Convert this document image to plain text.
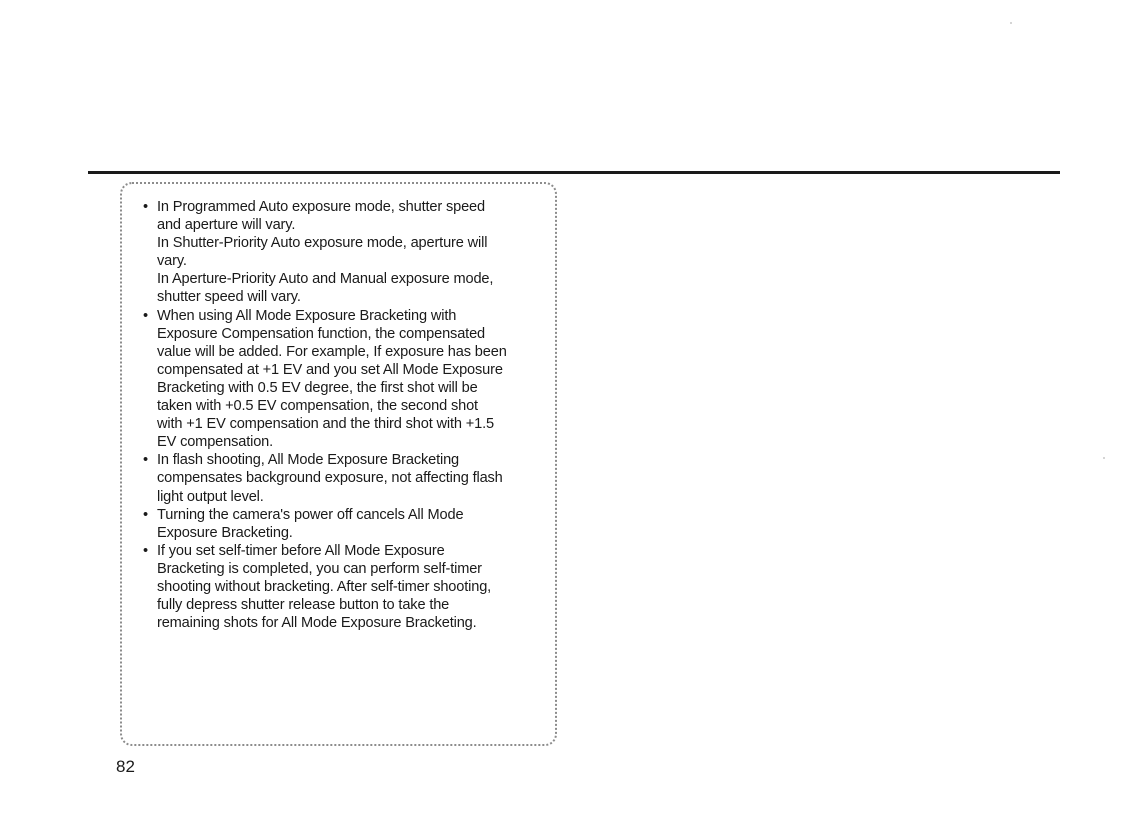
• In Programmed Auto exposure mode, shutter speed
and aperture will vary.
In Shutter-Priority Auto exposure mode, aperture will
vary.
In Aperture-Priority Auto and Manual exposure mode,
shutter speed will vary.
• When using All Mode Exposure Bracketing with
Exposure Compensation function, the compensated
value will be added. For example, If exposure has been
compensated at +1 EV and you set All Mode Exposure
Bracketing with 0.5 EV degree, the first shot will be
taken with +0.5 EV compensation, the second shot
with +1 EV compensation and the third shot with +1.5
EV compensation.
• In flash shooting, All Mode Exposure Bracketing
compensates background exposure, not affecting flash
light output level.
• Turning the camera's power off cancels All Mode
Exposure Bracketing.
• If you set self-timer before All Mode Exposure
Bracketing is completed, you can perform self-timer
shooting without bracketing. After self-timer shooting,
fully depress shutter release button to take the
remaining shots for All Mode Exposure Bracketing.
82
